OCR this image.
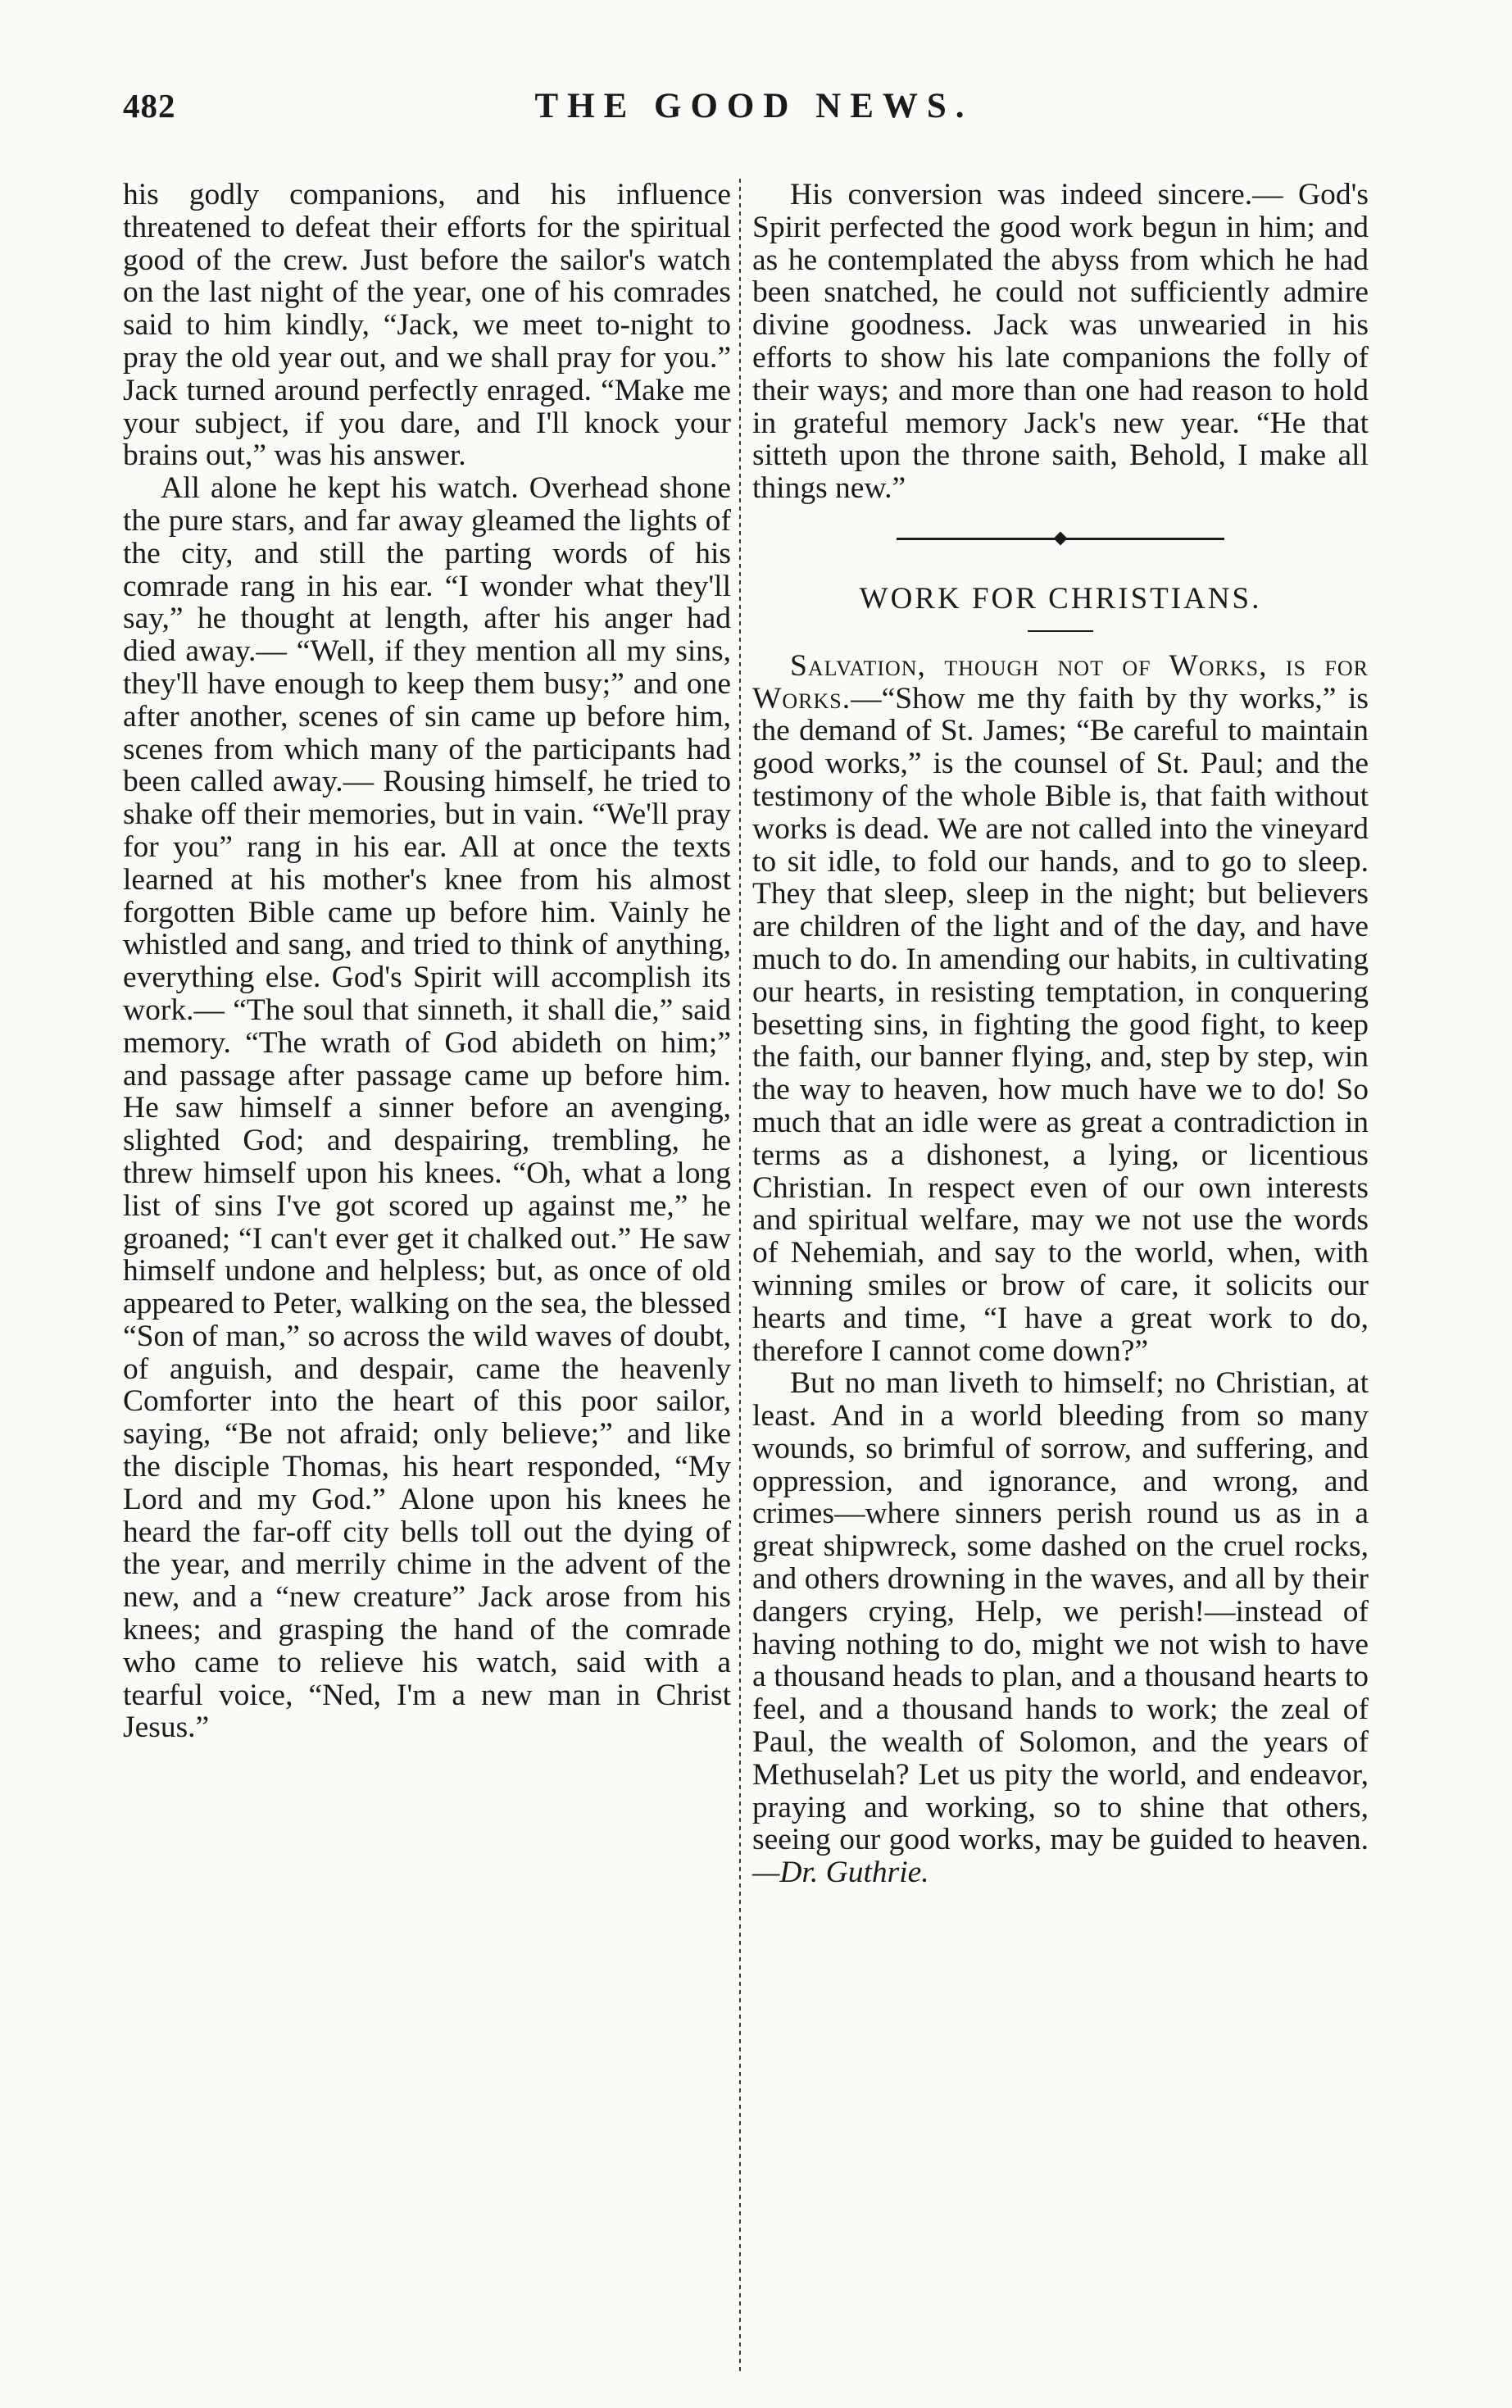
482	THE GOOD NEWS.

his godly companions, and his influence threatened to defeat their efforts for the spiritual good of the crew. Just before the sailor's watch on the last night of the year, one of his comrades said to him kindly, “Jack, we meet to-night to pray the old year out, and we shall pray for you.” Jack turned around perfectly enraged. “Make me your subject, if you dare, and I'll knock your brains out,” was his answer.

All alone he kept his watch. Overhead shone the pure stars, and far away gleamed the lights of the city, and still the parting words of his comrade rang in his ear. “I wonder what they'll say,” he thought at length, after his anger had died away.— “Well, if they mention all my sins, they'll have enough to keep them busy;” and one after another, scenes of sin came up before him, scenes from which many of the participants had been called away.— Rousing himself, he tried to shake off their memories, but in vain. “We'll pray for you” rang in his ear. All at once the texts learned at his mother's knee from his almost forgotten Bible came up before him. Vainly he whistled and sang, and tried to think of anything, everything else. God's Spirit will accomplish its work.— “The soul that sinneth, it shall die,” said memory. “The wrath of God abideth on him;” and passage after passage came up before him. He saw himself a sinner before an avenging, slighted God; and despairing, trembling, he threw himself upon his knees. “Oh, what a long list of sins I've got scored up against me,” he groaned; “I can't ever get it chalked out.” He saw himself undone and helpless; but, as once of old appeared to Peter, walking on the sea, the blessed “Son of man,” so across the wild waves of doubt, of anguish, and despair, came the heavenly Comforter into the heart of this poor sailor, saying, “Be not afraid; only believe;” and like the disciple Thomas, his heart responded, “My Lord and my God.” Alone upon his knees he heard the far-off city bells toll out the dying of the year, and merrily chime in the advent of the new, and a “new creature” Jack arose from his knees; and grasping the hand of the comrade who came to relieve his watch, said with a tearful voice, “Ned, I'm a new man in Christ Jesus.”

His conversion was indeed sincere.— God's Spirit perfected the good work begun in him; and as he contemplated the abyss from which he had been snatched, he could not sufficiently admire divine goodness. Jack was unwearied in his efforts to show his late companions the folly of their ways; and more than one had reason to hold in grateful memory Jack's new year. “He that sitteth upon the throne saith, Behold, I make all things new.”

WORK FOR CHRISTIANS.

Salvation, though not of Works, is for Works.—“Show me thy faith by thy works,” is the demand of St. James; “Be careful to maintain good works,” is the counsel of St. Paul; and the testimony of the whole Bible is, that faith without works is dead. We are not called into the vineyard to sit idle, to fold our hands, and to go to sleep. They that sleep, sleep in the night; but believers are children of the light and of the day, and have much to do. In amending our habits, in cultivating our hearts, in resisting temptation, in conquering besetting sins, in fighting the good fight, to keep the faith, our banner flying, and, step by step, win the way to heaven, how much have we to do! So much that an idle were as great a contradiction in terms as a dishonest, a lying, or licentious Christian. In respect even of our own interests and spiritual welfare, may we not use the words of Nehemiah, and say to the world, when, with winning smiles or brow of care, it solicits our hearts and time, “I have a great work to do, therefore I cannot come down?”

But no man liveth to himself; no Christian, at least. And in a world bleeding from so many wounds, so brimful of sorrow, and suffering, and oppression, and ignorance, and wrong, and crimes—where sinners perish round us as in a great shipwreck, some dashed on the cruel rocks, and others drowning in the waves, and all by their dangers crying, Help, we perish!—instead of having nothing to do, might we not wish to have a thousand heads to plan, and a thousand hearts to feel, and a thousand hands to work; the zeal of Paul, the wealth of Solomon, and the years of Methuselah? Let us pity the world, and endeavor, praying and working, so to shine that others, seeing our good works, may be guided to heaven.—Dr. Guthrie.
